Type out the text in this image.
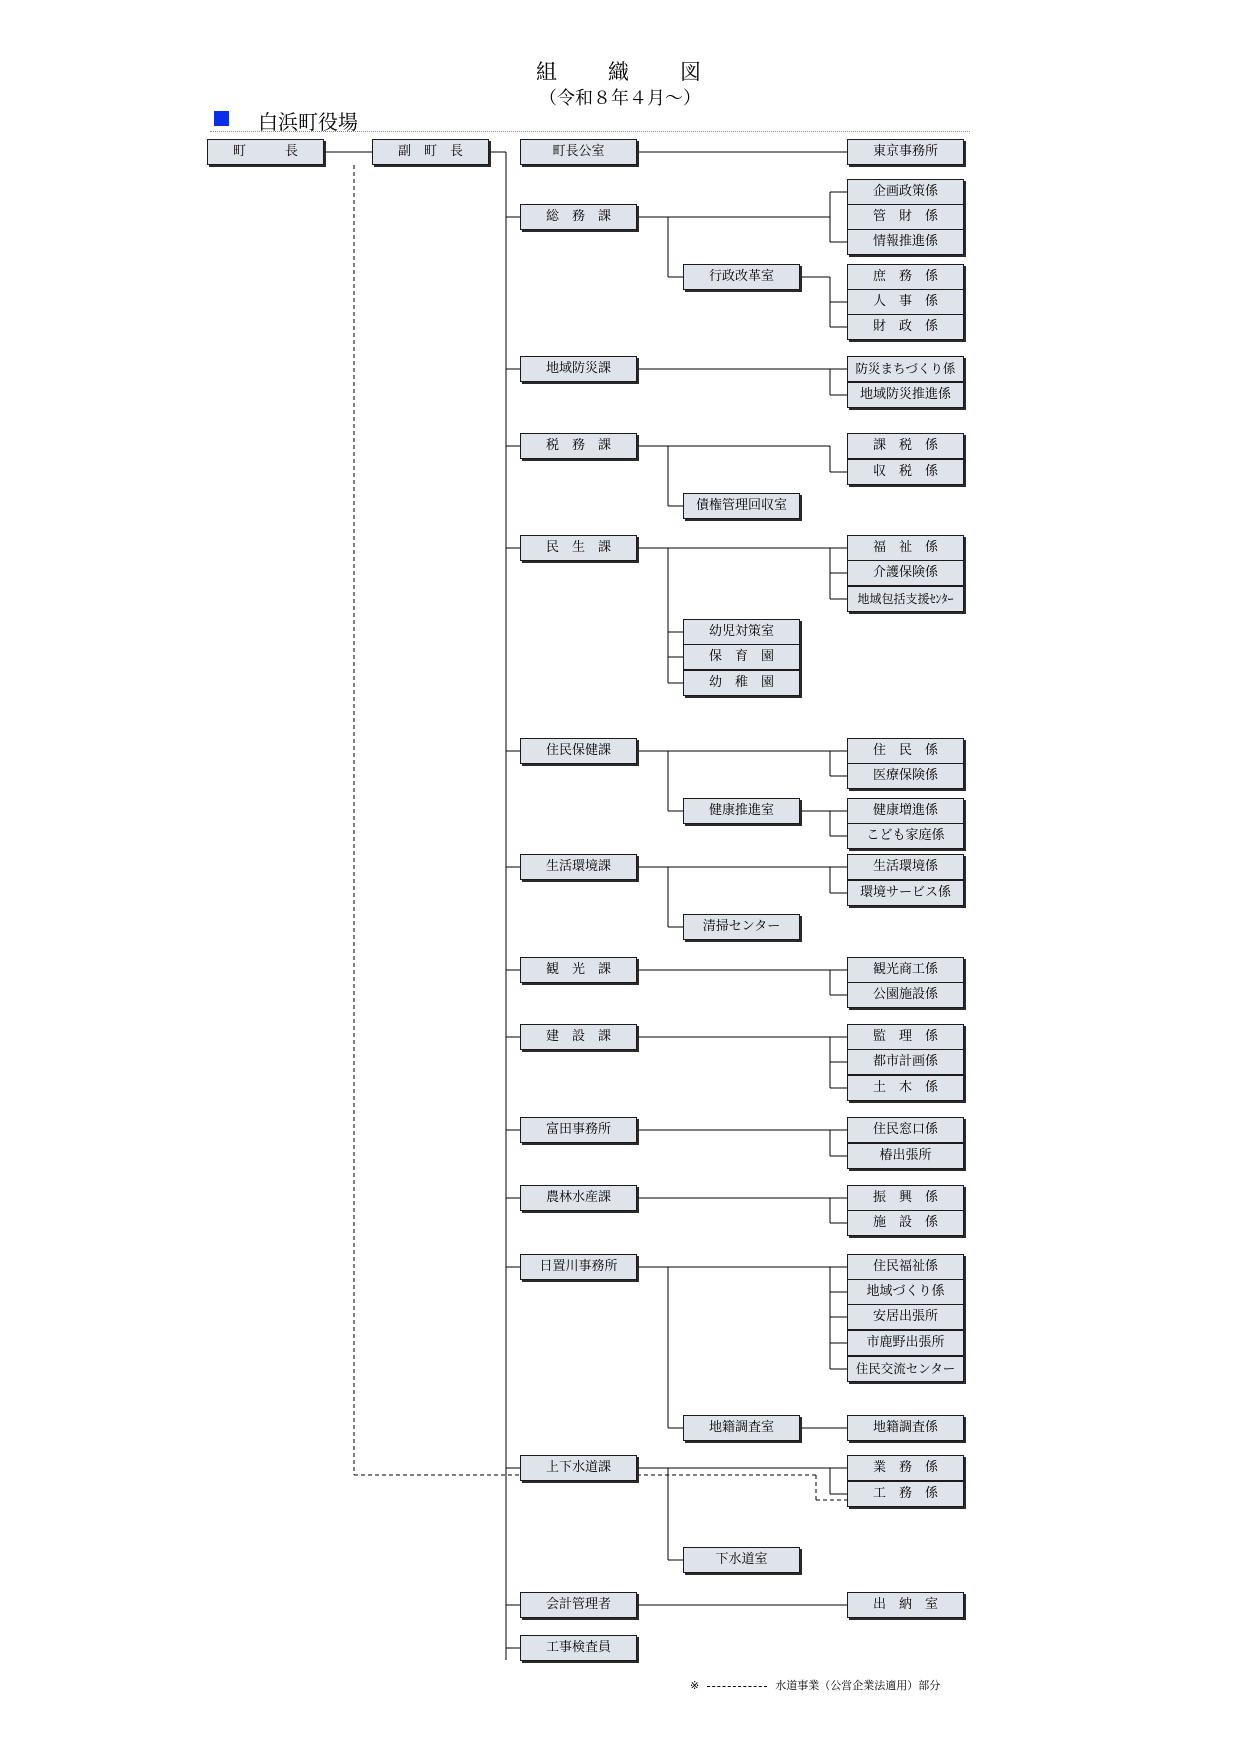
組　　織　　図
（令和８年４月～）
白浜町役場
町　　　長	副　町　長	町長公室	東京事務所
総　務　課
企画政策係
管　財　係
情報推進係
行政改革室	庶　務　係
人　事　係
財　政　係
地域防災課	防災まちづくり係
地域防災推進係
税　務　課	課　税　係
収　税　係
債権管理回収室
民　生　課	福　祉　係
介護保険係
地域包括支援ｾﾝﾀｰ
幼児対策室
保　育　園
幼　稚　園
住民保健課	住　民　係
医療保険係
健康推進室	健康増進係
こども家庭係
生活環境課	生活環境係
環境サービス係
清掃センター
観　光　課	観光商工係
公園施設係
建　設　課	監　理　係
都市計画係
土　木　係
富田事務所	住民窓口係
椿出張所
農林水産課	振　興　係
施　設　係
日置川事務所	住民福祉係
地域づくり係
安居出張所
市鹿野出張所
住民交流センター
地籍調査室	地籍調査係
上下水道課	業　務　係
工　務　係
下水道室
会計管理者	出　納　室
工事検査員
※	水道事業（公営企業法適用）部分
